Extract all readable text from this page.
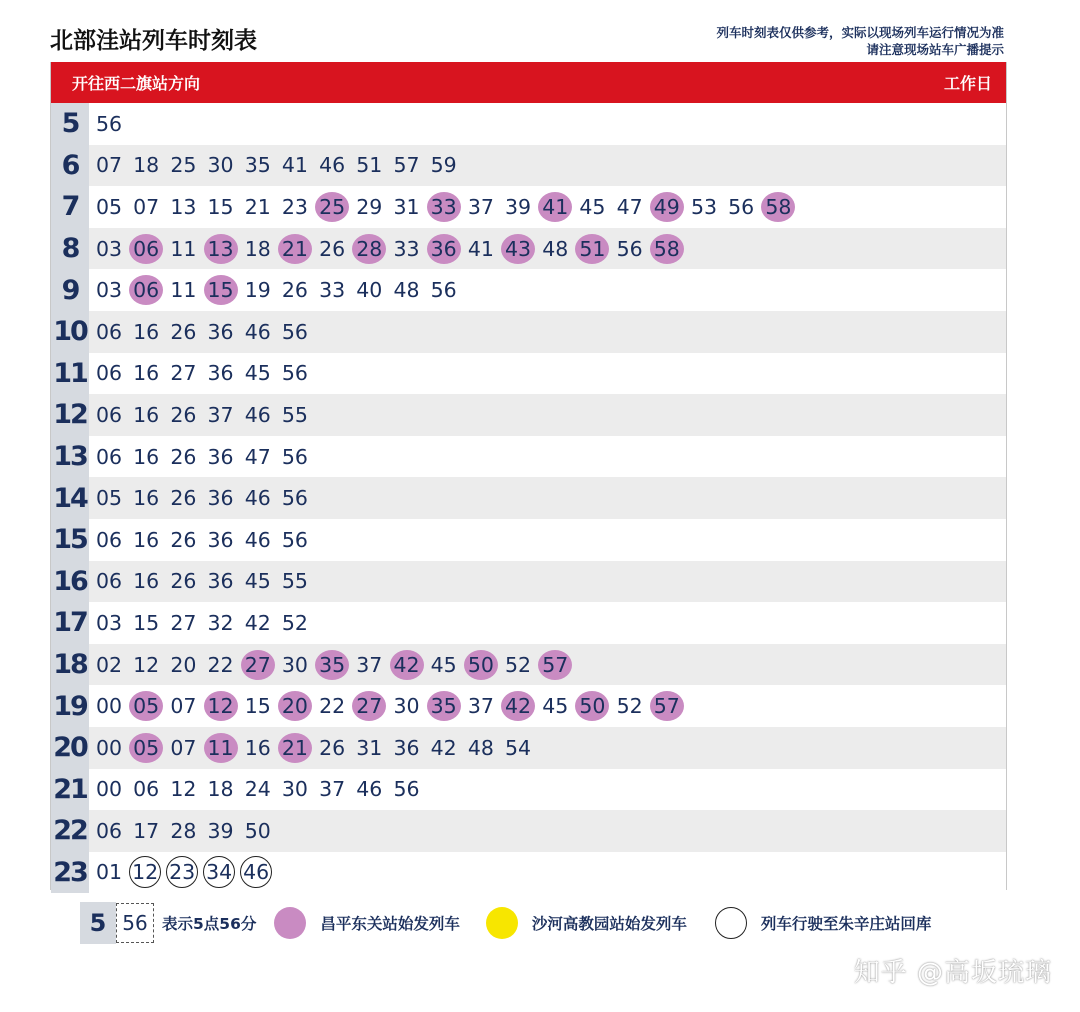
北部洼站列车时刻表	列车时刻表仅供参考，实际以现场列车运行情况为准
请注意现场站车广播提示
开往西二旗站方向	工作日
5 56
6 07 18 25 30 35 41 46 51 57 59
7 05 07 13 15 21 23 25 29 31 33 37 39 41 45 47 49 53 56 58
8 03 06 11 13 18 21 26 28 33 36 41 43 48 51 56 58
9 03 06 11 15 19 26 33 40 48 56
10 06 16 26 36 46 56
11 06 16 27 36 45 56
12 06 16 26 37 46 55
13 06 16 26 36 47 56
14 05 16 26 36 46 56
15 06 16 26 36 46 56
16 06 16 26 36 45 55
17 03 15 27 32 42 52
18 02 12 20 22 27 30 35 37 42 45 50 52 57
19 00 05 07 12 15 20 22 27 30 35 37 42 45 50 52 57
20 00 05 07 11 16 21 26 31 36 42 48 54
21 00 06 12 18 24 30 37 46 56
22 06 17 28 39 50
23 01 12 23 34 46
5 56 表示5点56分	昌平东关站始发列车	沙河高教园站始发列车	列车行驶至朱辛庄站回库
知乎 @高坂琉璃
